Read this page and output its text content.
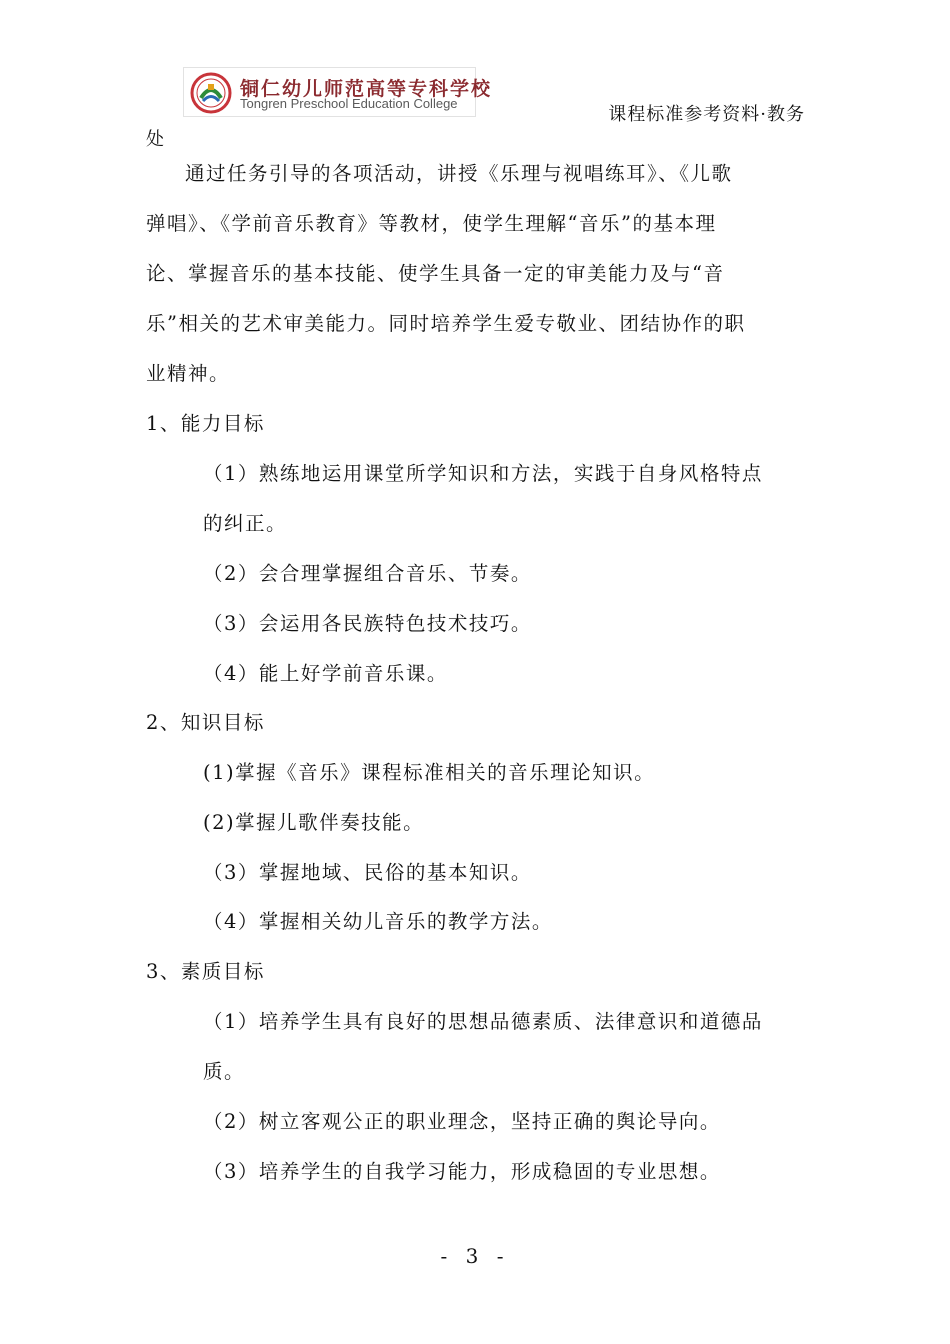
铜仁幼儿师范高等专科学校
Tongren Preschool Education College
课程标准参考资料·教务
处
通过任务引导的各项活动，讲授《乐理与视唱练耳》、《儿歌
弹唱》、《学前音乐教育》等教材，使学生理解“音乐”的基本理
论、掌握音乐的基本技能、使学生具备一定的审美能力及与“音
乐”相关的艺术审美能力。同时培养学生爱专敬业、团结协作的职
业精神。
1、能力目标
（1）熟练地运用课堂所学知识和方法，实践于自身风格特点
的纠正。
（2）会合理掌握组合音乐、节奏。
（3）会运用各民族特色技术技巧。
（4）能上好学前音乐课。
2、知识目标
(1)掌握《音乐》课程标准相关的音乐理论知识。
(2)掌握儿歌伴奏技能。
（3）掌握地域、民俗的基本知识。
（4）掌握相关幼儿音乐的教学方法。
3、素质目标
（1）培养学生具有良好的思想品德素质、法律意识和道德品
质。
（2）树立客观公正的职业理念，坚持正确的舆论导向。
（3）培养学生的自我学习能力，形成稳固的专业思想。
- 3 -
